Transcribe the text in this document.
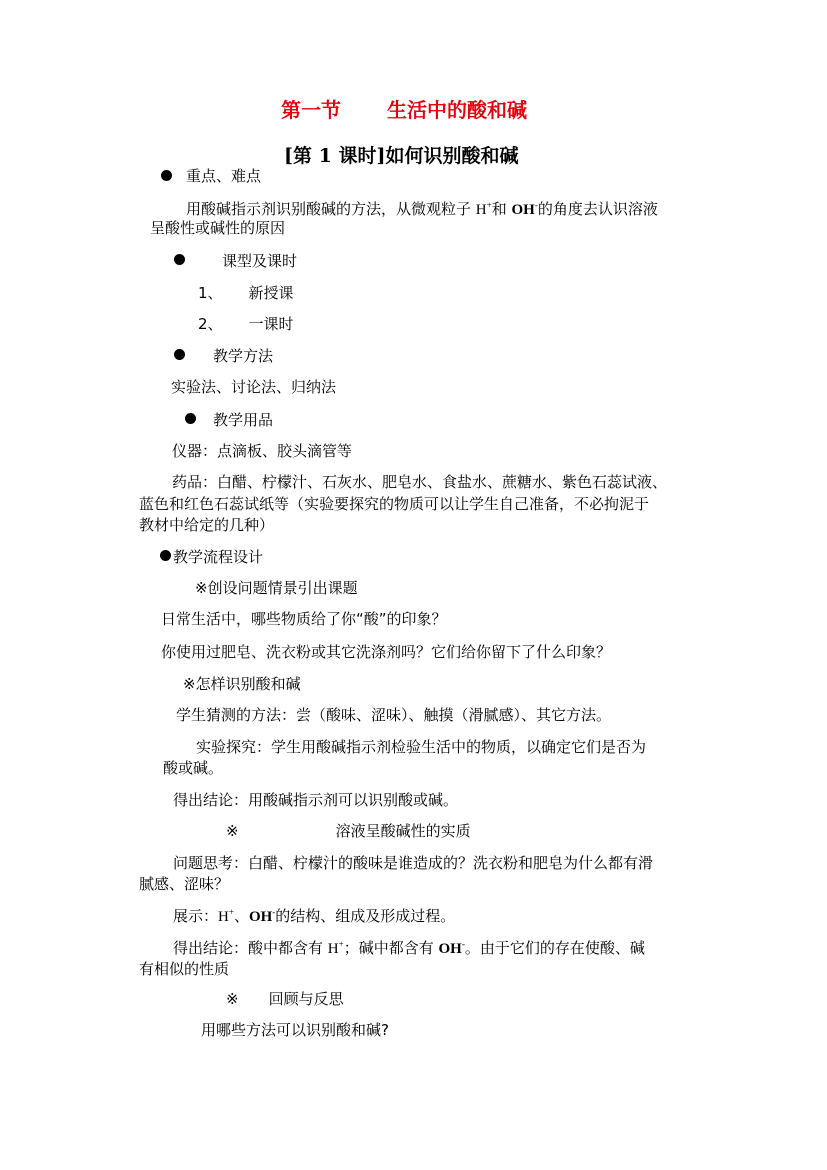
第一节 生活中的酸和碱
[第 1 课时]如何识别酸和碱
重点、难点
用酸碱指示剂识别酸碱的方法，从微观粒子 H+和 OH-的角度去认识溶液
呈酸性或碱性的原因
课型及课时
1、 新授课
2、 一课时
教学方法
实验法、讨论法、归纳法
教学用品
仪器：点滴板、胶头滴管等
药品：白醋、柠檬汁、石灰水、肥皂水、食盐水、蔗糖水、紫色石蕊试液、
蓝色和红色石蕊试纸等（实验要探究的物质可以让学生自己准备，不必拘泥于
教材中给定的几种）
教学流程设计
※创设问题情景引出课题
日常生活中，哪些物质给了你“酸”的印象？
你使用过肥皂、洗衣粉或其它洗涤剂吗？它们给你留下了什么印象？
※怎样识别酸和碱
学生猜测的方法：尝（酸味、涩味）、触摸（滑腻感）、其它方法。
实验探究：学生用酸碱指示剂检验生活中的物质，以确定它们是否为
酸或碱。
得出结论：用酸碱指示剂可以识别酸或碱。
※	溶液呈酸碱性的实质
问题思考：白醋、柠檬汁的酸味是谁造成的？洗衣粉和肥皂为什么都有滑
腻感、涩味？
展示：H+、OH-的结构、组成及形成过程。
得出结论：酸中都含有 H+；碱中都含有 OH-。由于它们的存在使酸、碱
有相似的性质
※ 回顾与反思
用哪些方法可以识别酸和碱?
